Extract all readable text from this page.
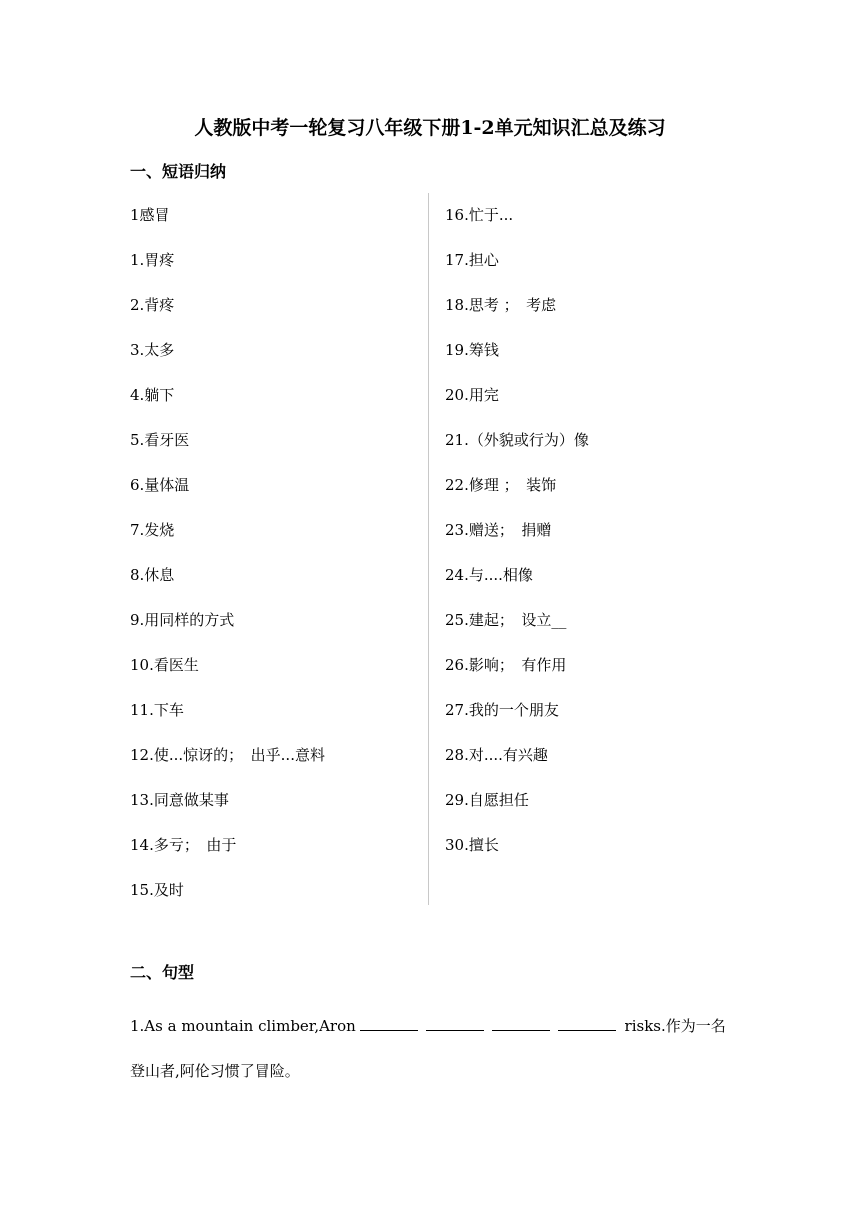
人教版中考一轮复习八年级下册1-2单元知识汇总及练习
一、短语归纳
1感冒
1.胃疼
2.背疼
3.太多
4.躺下
5.看牙医
6.量体温
7.发烧
8.休息
9.用同样的方式
10.看医生
11.下车
12.使...惊讶的；　出乎...意料
13.同意做某事
14.多亏；　由于
15.及时
16.忙于...
17.担心
18.思考 ；　考虑
19.筹钱
20.用完
21.（外貌或行为）像
22.修理 ；　装饰
23.赠送；　捐赠
24.与....相像
25.建起；　设立__
26.影响；　有作用
27.我的一个朋友
28.对....有兴趣
29.自愿担任
30.擅长
二、句型
1.As a mountain climber,Aron	risks.作为一名登山者,阿伦习惯了冒险。
